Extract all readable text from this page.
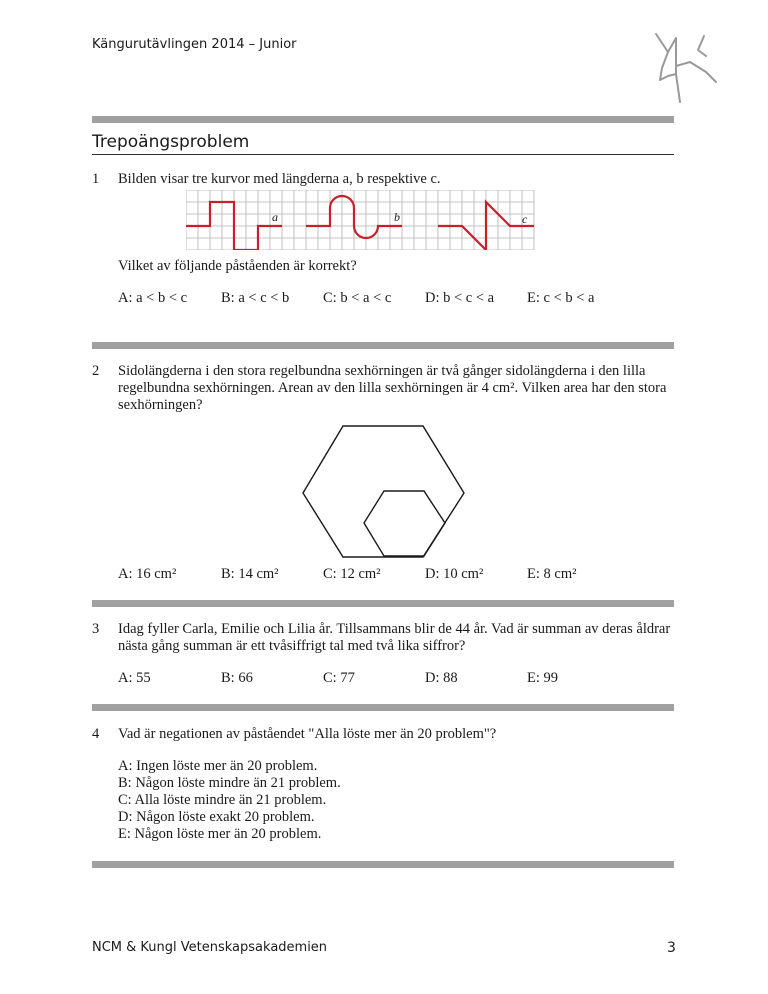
Kängurutävlingen 2014 – Junior
Trepoängsproblem
1 Bilden visar tre kurvor med längderna a, b respektive c.
a	b	c
Vilket av följande påståenden är korrekt?
A: a < b < c B: a < c < b C: b < a < c D: b < c < a E: c < b < a
2 Sidolängderna i den stora regelbundna sexhörningen är två gånger sidolängderna i den lilla regelbundna sexhörningen. Arean av den lilla sexhörningen är 4 cm². Vilken area har den stora sexhörningen?
A: 16 cm²	B: 14 cm²	C: 12 cm²	D: 10 cm²	E: 8 cm²
3 Idag fyller Carla, Emilie och Lilia år. Tillsammans blir de 44 år. Vad är summan av deras åldrar nästa gång summan är ett tvåsiffrigt tal med två lika siffror?
A: 55	B: 66	C: 77	D: 88	E: 99
4 Vad är negationen av påståendet "Alla löste mer än 20 problem"?
A: Ingen löste mer än 20 problem.
B: Någon löste mindre än 21 problem.
C: Alla löste mindre än 21 problem.
D: Någon löste exakt 20 problem.
E: Någon löste mer än 20 problem.
NCM & Kungl Vetenskapsakademien	3
